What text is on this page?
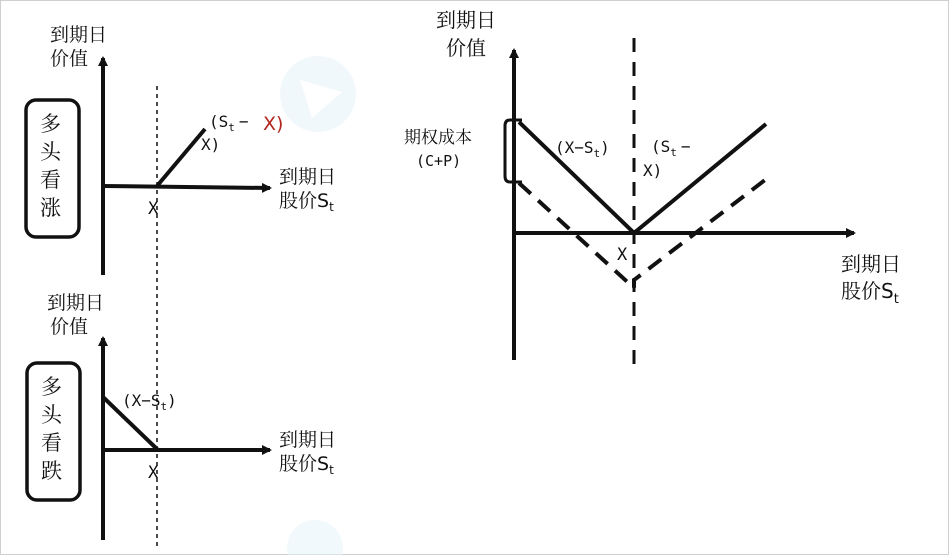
到期日
价值
到期日
股价$S_t$
X
$(S_t - X)$
X)
多
头
看
涨
到期日
价值
到期日
股价$S_t$
X
$(X-S_t)$
多
头
看
跌
到期日
价值
到期日
股价$S_t$
X
期权成本
(C+P)
$(X-S_t)$	($S_t$ −
X)
